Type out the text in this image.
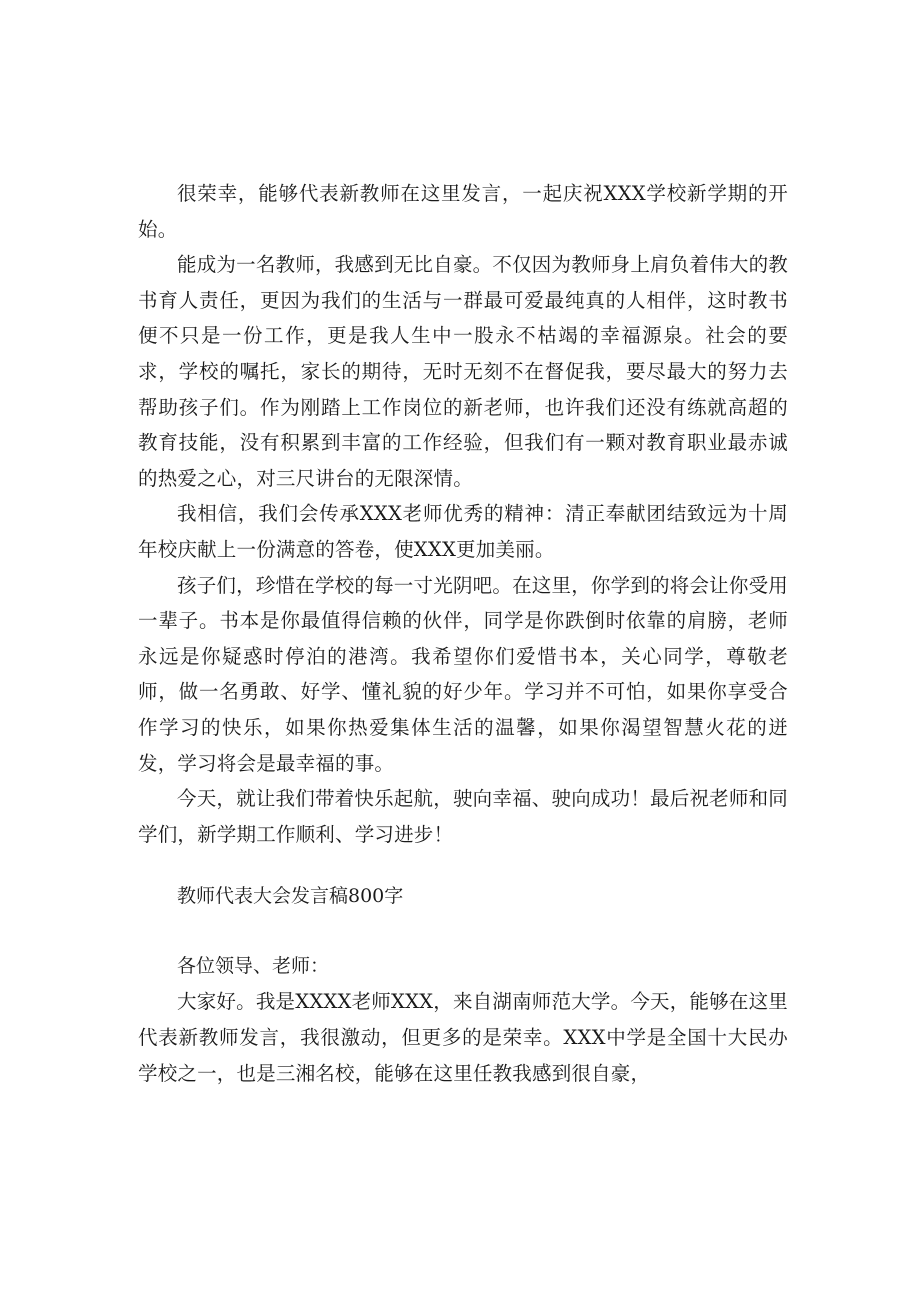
很荣幸，能够代表新教师在这里发言，一起庆祝XXX学校新学期的开始。

能成为一名教师，我感到无比自豪。不仅因为教师身上肩负着伟大的教书育人责任，更因为我们的生活与一群最可爱最纯真的人相伴，这时教书便不只是一份工作，更是我人生中一股永不枯竭的幸福源泉。社会的要求，学校的嘱托，家长的期待，无时无刻不在督促我，要尽最大的努力去帮助孩子们。作为刚踏上工作岗位的新老师，也许我们还没有练就高超的教育技能，没有积累到丰富的工作经验，但我们有一颗对教育职业最赤诚的热爱之心，对三尺讲台的无限深情。

我相信，我们会传承XXX老师优秀的精神：清正奉献团结致远为十周年校庆献上一份满意的答卷，使XXX更加美丽。

孩子们，珍惜在学校的每一寸光阴吧。在这里，你学到的将会让你受用一辈子。书本是你最值得信赖的伙伴，同学是你跌倒时依靠的肩膀，老师永远是你疑惑时停泊的港湾。我希望你们爱惜书本，关心同学，尊敬老师，做一名勇敢、好学、懂礼貌的好少年。学习并不可怕，如果你享受合作学习的快乐，如果你热爱集体生活的温馨，如果你渴望智慧火花的迸发，学习将会是最幸福的事。

今天，就让我们带着快乐起航，驶向幸福、驶向成功！最后祝老师和同学们，新学期工作顺利、学习进步！

教师代表大会发言稿800字

各位领导、老师：

大家好。我是XXXX老师XXX，来自湖南师范大学。今天，能够在这里代表新教师发言，我很激动，但更多的是荣幸。XXX中学是全国十大民办学校之一，也是三湘名校，能够在这里任教我感到很自豪，
